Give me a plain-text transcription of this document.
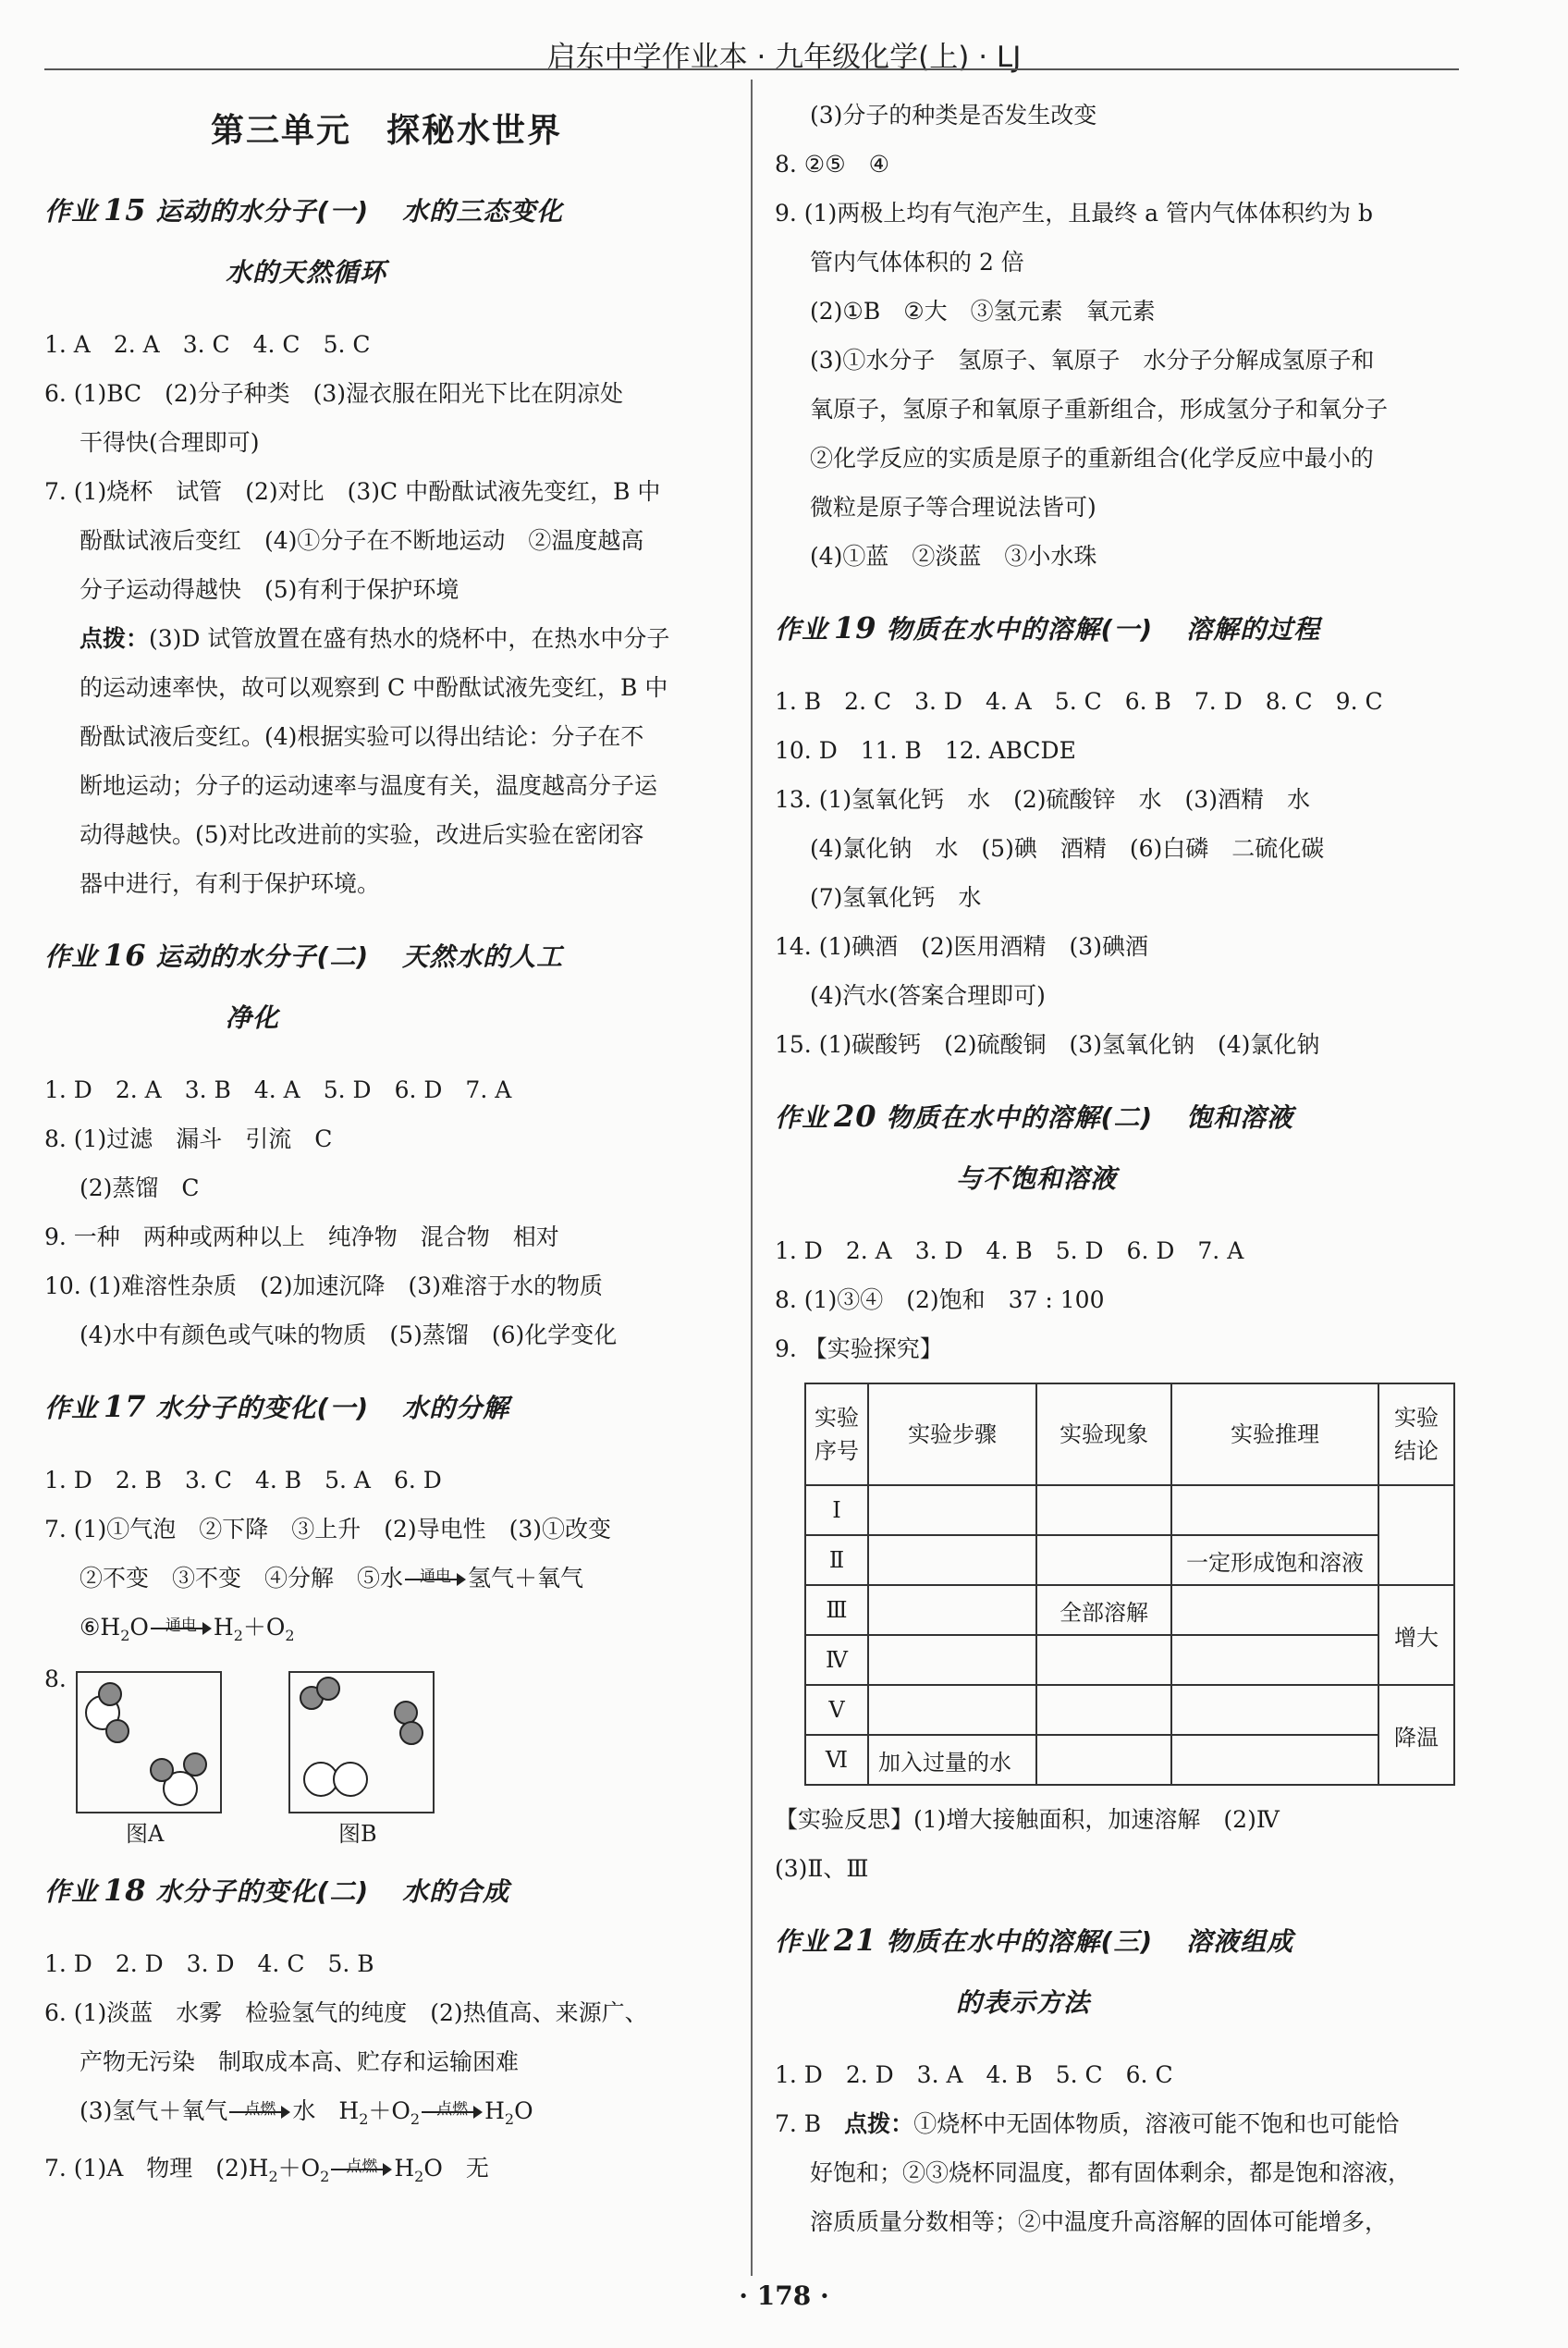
启东中学作业本 · 九年级化学(上) · LJ
第三单元　探秘水世界
作业 15 运动的水分子(一) 水的三态变化
水的天然循环
1. A　2. A　3. C　4. C　5. C
6. (1)BC　(2)分子种类　(3)湿衣服在阳光下比在阴凉处
干得快(合理即可)
7. (1)烧杯　试管　(2)对比　(3)C 中酚酞试液先变红，B 中
酚酞试液后变红　(4)①分子在不断地运动　②温度越高
分子运动得越快　(5)有利于保护环境
点拨：(3)D 试管放置在盛有热水的烧杯中，在热水中分子
的运动速率快，故可以观察到 C 中酚酞试液先变红，B 中
酚酞试液后变红。(4)根据实验可以得出结论：分子在不
断地运动；分子的运动速率与温度有关，温度越高分子运
动得越快。(5)对比改进前的实验，改进后实验在密闭容
器中进行，有利于保护环境。
作业 16 运动的水分子(二) 天然水的人工
净化
1. D　2. A　3. B　4. A　5. D　6. D　7. A
8. (1)过滤　漏斗　引流　C
(2)蒸馏　C
9. 一种　两种或两种以上　纯净物　混合物　相对
10. (1)难溶性杂质　(2)加速沉降　(3)难溶于水的物质
(4)水中有颜色或气味的物质　(5)蒸馏　(6)化学变化
作业 17 水分子的变化(一) 水的分解
1. D　2. B　3. C　4. B　5. A　6. D
7. (1)①气泡　②下降　③上升　(2)导电性　(3)①改变
②不变　③不变　④分解　⑤水	通电 氢气＋氧气
$⑥H_2O$	通电 $H_2+O_2$
8.
图A	图B
作业 18 水分子的变化(二) 水的合成
1. D　2. D　3. D　4. C　5. B
6. (1)淡蓝　水雾　检验氢气的纯度　(2)热值高、来源广、
产物无污染　制取成本高、贮存和运输困难
(3)氢气＋氧气	点燃 水　$H_2+O_2$
点燃 $H_2O$
7. (1)A　物理　$(2)H_2+O_2$
点燃 $H_2O$　无
(3)分子的种类是否发生改变
8. ②⑤　④
9. (1)两极上均有气泡产生，且最终 a 管内气体体积约为 b
管内气体体积的 2 倍
(2)①B　②大　③氢元素　氧元素
(3)①水分子　氢原子、氧原子　水分子分解成氢原子和
氧原子，氢原子和氧原子重新组合，形成氢分子和氧分子
②化学反应的实质是原子的重新组合(化学反应中最小的
微粒是原子等合理说法皆可)
(4)①蓝　②淡蓝　③小水珠
作业 19 物质在水中的溶解(一) 溶解的过程
1. B　2. C　3. D　4. A　5. C　6. B　7. D　8. C　9. C
10. D　11. B　12. ABCDE
13. (1)氢氧化钙　水　(2)硫酸锌　水　(3)酒精　水
(4)氯化钠　水　(5)碘　酒精　(6)白磷　二硫化碳
(7)氢氧化钙　水
14. (1)碘酒　(2)医用酒精　(3)碘酒
(4)汽水(答案合理即可)
15. (1)碳酸钙　(2)硫酸铜　(3)氢氧化钠　(4)氯化钠
作业 20 物质在水中的溶解(二) 饱和溶液
与不饱和溶液
1. D　2. A　3. D　4. B　5. D　6. D　7. A
8. (1)③④　(2)饱和　37 : 100
9. 【实验探究】
实验
序号	实验步骤	实验现象	实验推理	实验
结论
Ⅰ				
Ⅱ			一定形成饱和溶液	
Ⅲ		全部溶解		增大
Ⅳ				
Ⅴ				降温
Ⅵ	加入过量的水			
【实验反思】(1)增大接触面积，加速溶解　(2)Ⅳ
(3)Ⅱ、Ⅲ
作业 21 物质在水中的溶解(三) 溶液组成
的表示方法
1. D　2. D　3. A　4. B　5. C　6. C
7. B　点拨：①烧杯中无固体物质，溶液可能不饱和也可能恰
好饱和；②③烧杯同温度，都有固体剩余，都是饱和溶液，
溶质质量分数相等；②中温度升高溶解的固体可能增多，
· 178 ·
